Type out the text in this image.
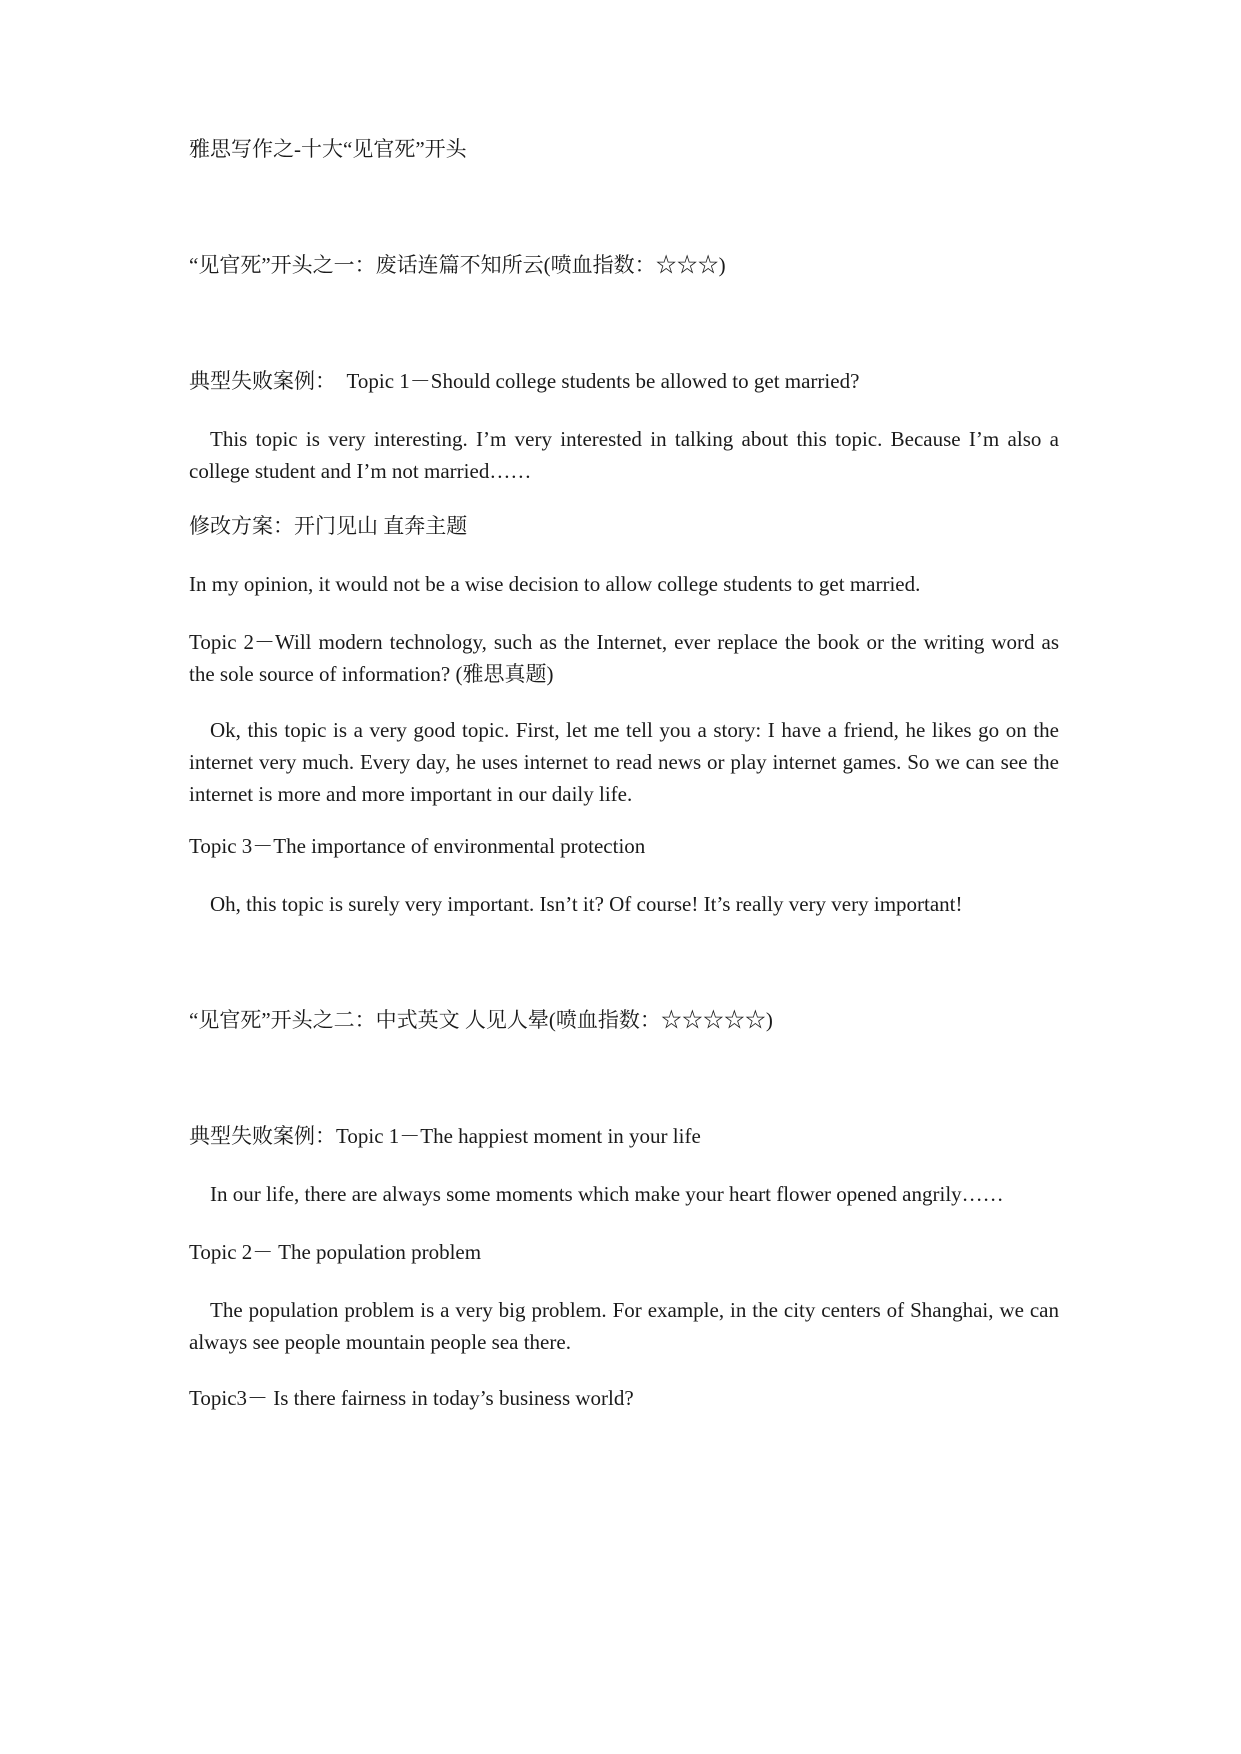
雅思写作之-十大“见官死”开头
“见官死”开头之一：废话连篇不知所云(喷血指数：☆☆☆)
典型失败案例：　Topic 1－Should college students be allowed to get married?
This topic is very interesting. I’m very interested in talking about this topic. Because I’m also a college student and I’m not married……
修改方案：开门见山 直奔主题
In my opinion, it would not be a wise decision to allow college students to get married.
Topic 2－Will modern technology, such as the Internet, ever replace the book or the writing word as the sole source of information? (雅思真题)
Ok, this topic is a very good topic. First, let me tell you a story: I have a friend, he likes go on the internet very much. Every day, he uses internet to read news or play internet games. So we can see the internet is more and more important in our daily life.
Topic 3－The importance of environmental protection
Oh, this topic is surely very important. Isn’t it? Of course! It’s really very very important!
“见官死”开头之二：中式英文 人见人晕(喷血指数：☆☆☆☆☆)
典型失败案例：Topic 1－The happiest moment in your life
In our life, there are always some moments which make your heart flower opened angrily……
Topic 2－ The population problem
The population problem is a very big problem. For example, in the city centers of Shanghai, we can always see people mountain people sea there.
Topic3－ Is there fairness in today’s business world?
